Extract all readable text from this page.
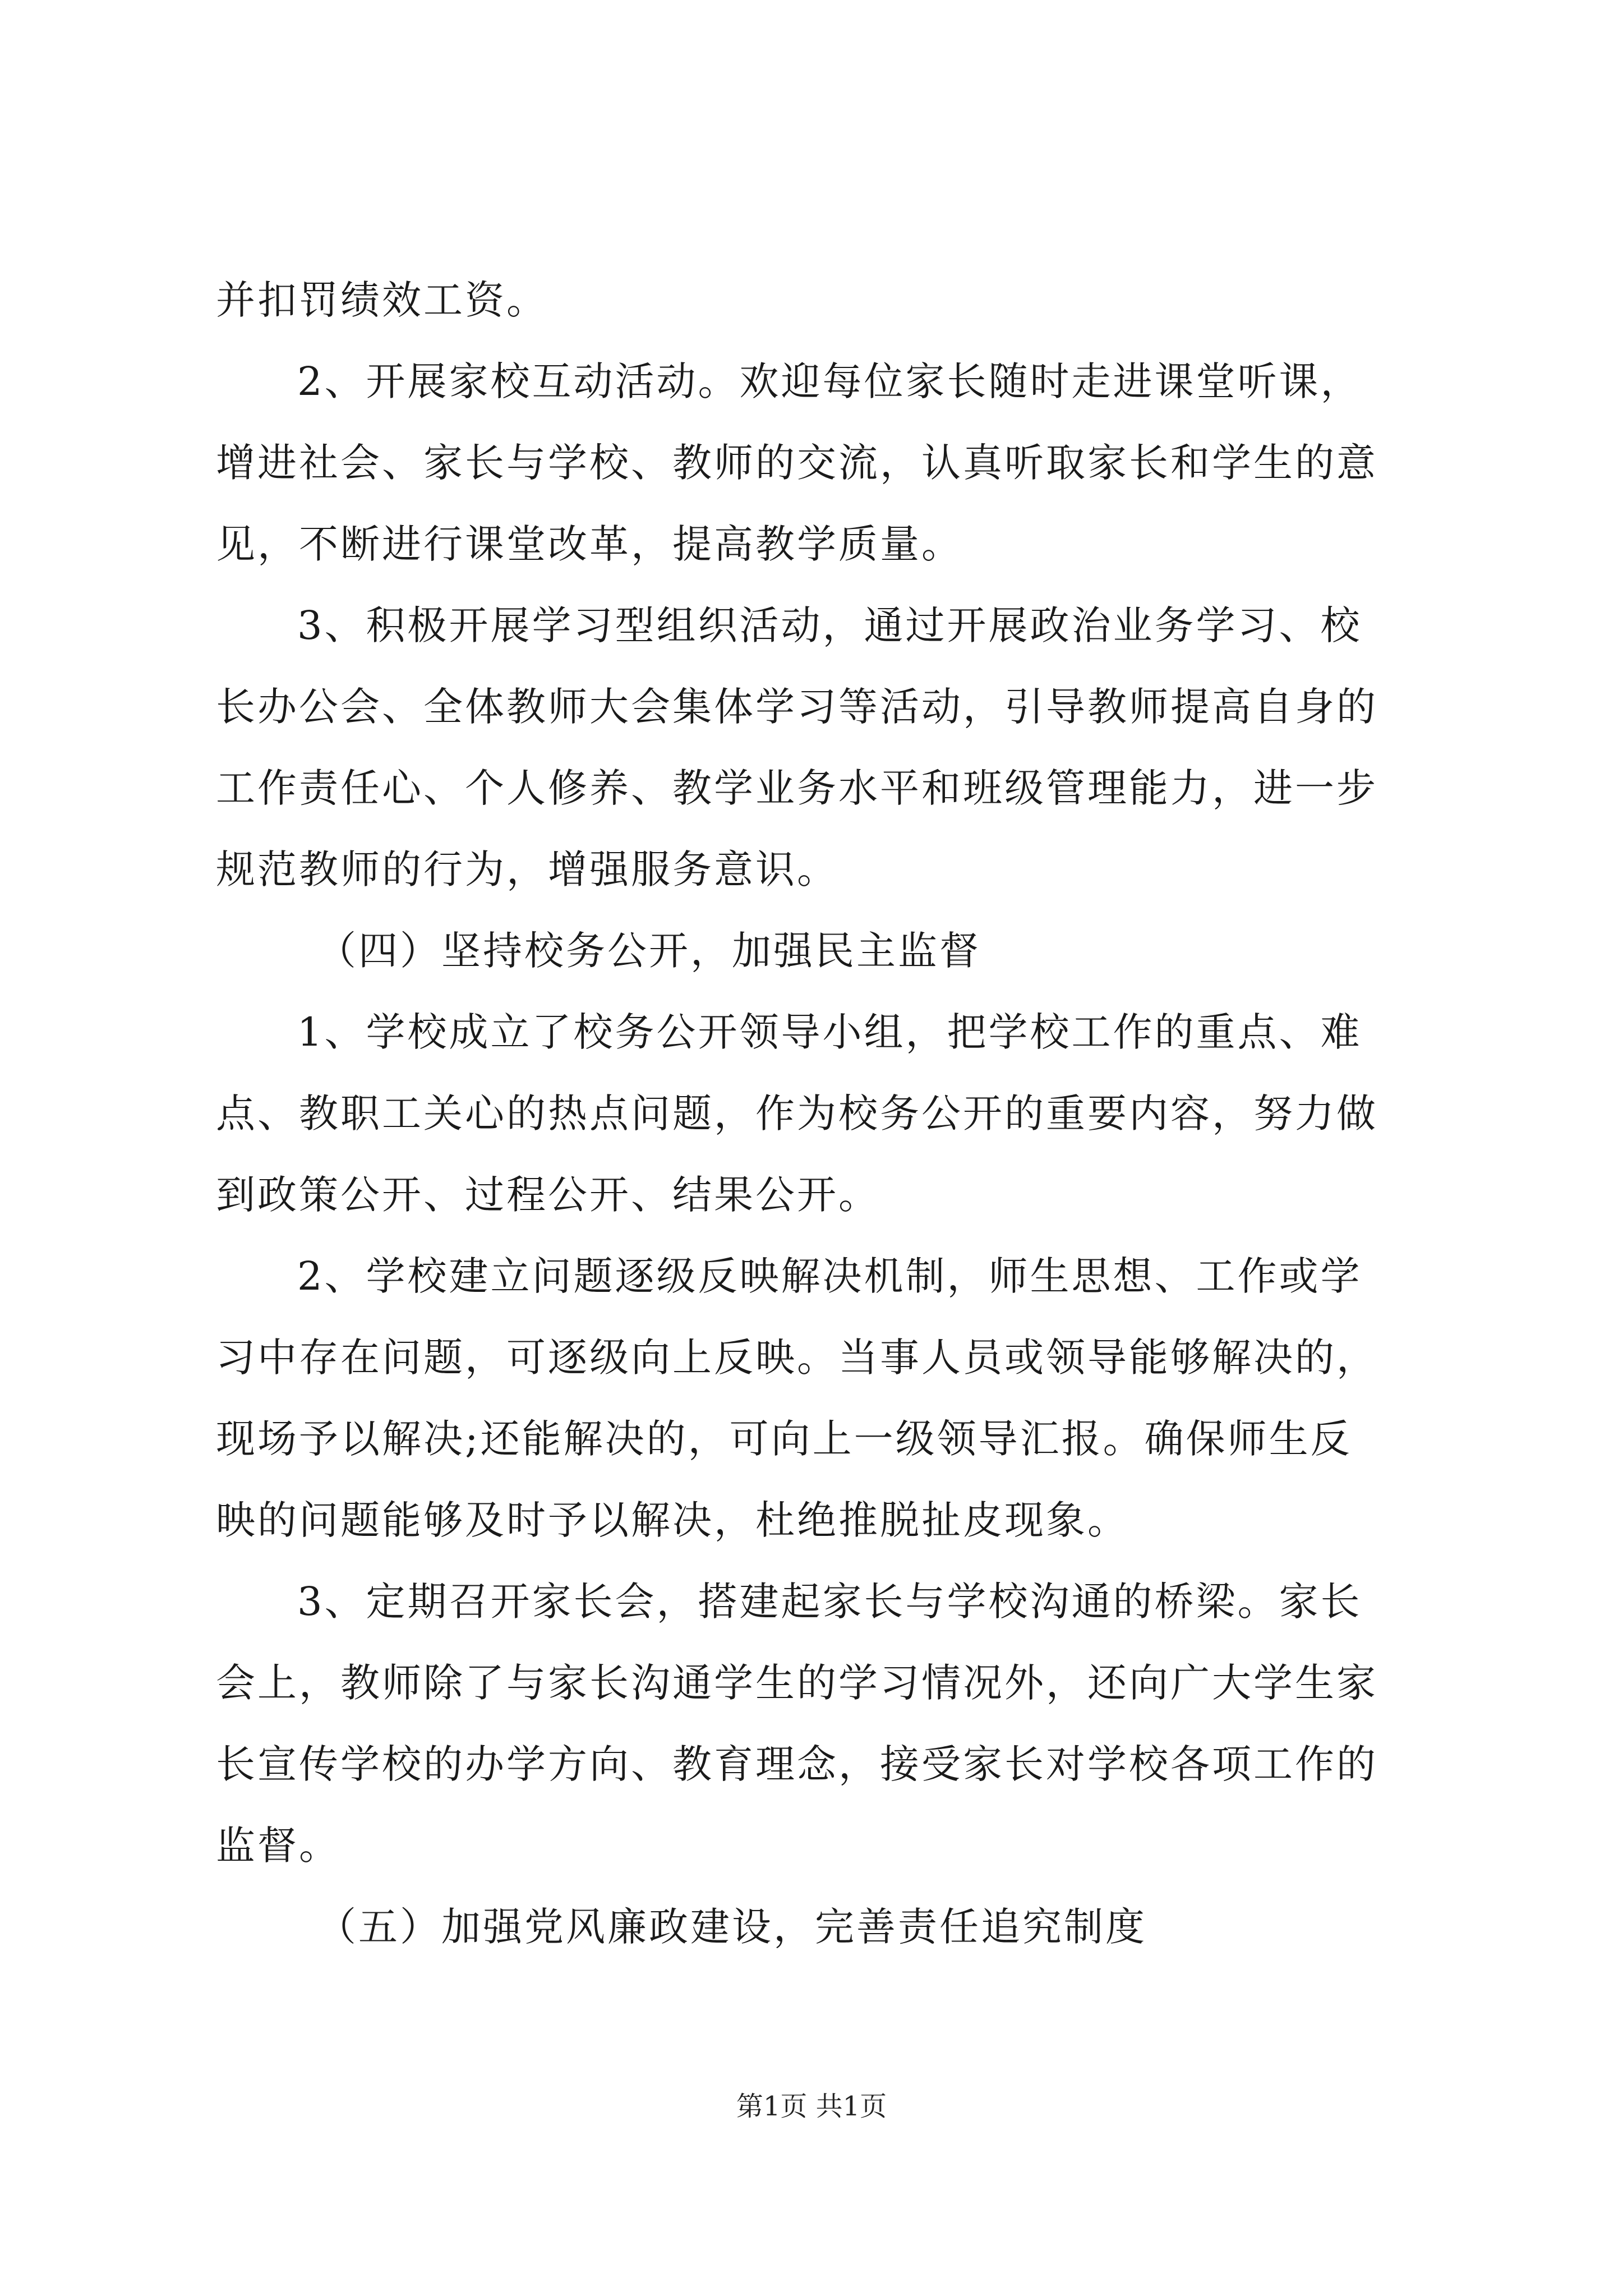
并扣罚绩效工资。
2、开展家校互动活动。欢迎每位家长随时走进课堂听课，
增进社会、家长与学校、教师的交流，认真听取家长和学生的意
见，不断进行课堂改革，提高教学质量。
3、积极开展学习型组织活动，通过开展政治业务学习、校
长办公会、全体教师大会集体学习等活动，引导教师提高自身的
工作责任心、个人修养、教学业务水平和班级管理能力，进一步
规范教师的行为，增强服务意识。
（四）坚持校务公开，加强民主监督
1、学校成立了校务公开领导小组，把学校工作的重点、难
点、教职工关心的热点问题，作为校务公开的重要内容，努力做
到政策公开、过程公开、结果公开。
2、学校建立问题逐级反映解决机制，师生思想、工作或学
习中存在问题，可逐级向上反映。当事人员或领导能够解决的，
现场予以解决;还能解决的，可向上一级领导汇报。确保师生反
映的问题能够及时予以解决，杜绝推脱扯皮现象。
3、定期召开家长会，搭建起家长与学校沟通的桥梁。家长
会上，教师除了与家长沟通学生的学习情况外，还向广大学生家
长宣传学校的办学方向、教育理念，接受家长对学校各项工作的
监督。
（五）加强党风廉政建设，完善责任追究制度
第1页 共1页
